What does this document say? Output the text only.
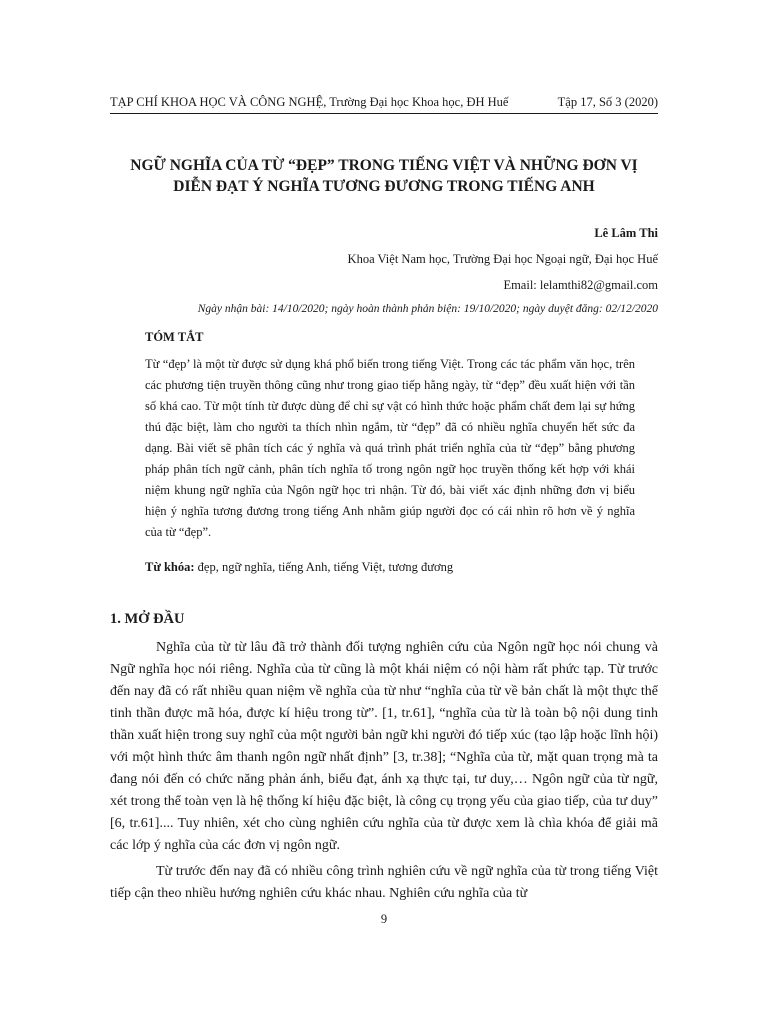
TẠP CHÍ KHOA HỌC VÀ CÔNG NGHỆ, Trường Đại học Khoa học, ĐH Huế	Tập 17, Số 3 (2020)
NGỮ NGHĨA CỦA TỪ “ĐẸP” TRONG TIẾNG VIỆT VÀ NHỮNG ĐƠN VỊ
DIỄN ĐẠT Ý NGHĨA TƯƠNG ĐƯƠNG TRONG TIẾNG ANH
Lê Lâm Thi
Khoa Việt Nam học, Trường Đại học Ngoại ngữ, Đại học Huế
Email: lelamthi82@gmail.com
Ngày nhận bài: 14/10/2020; ngày hoàn thành phản biện: 19/10/2020; ngày duyệt đăng: 02/12/2020
TÓM TẮT
Từ “đẹp’ là một từ được sử dụng khá phổ biến trong tiếng Việt. Trong các tác phẩm văn học, trên các phương tiện truyền thông cũng như trong giao tiếp hằng ngày, từ “đẹp” đều xuất hiện với tần số khá cao. Từ một tính từ được dùng để chỉ sự vật có hình thức hoặc phẩm chất đem lại sự hứng thú đặc biệt, làm cho người ta thích nhìn ngắm, từ “đẹp” đã có nhiều nghĩa chuyển hết sức đa dạng. Bài viết sẽ phân tích các ý nghĩa và quá trình phát triển nghĩa của từ “đẹp” bằng phương pháp phân tích ngữ cảnh, phân tích nghĩa tố trong ngôn ngữ học truyền thống kết hợp với khái niệm khung ngữ nghĩa của Ngôn ngữ học tri nhận. Từ đó, bài viết xác định những đơn vị biểu hiện ý nghĩa tương đương trong tiếng Anh nhằm giúp người đọc có cái nhìn rõ hơn về ý nghĩa của từ “đẹp”.
Từ khóa: đẹp, ngữ nghĩa, tiếng Anh, tiếng Việt, tương đương
1. MỞ ĐẦU
Nghĩa của từ từ lâu đã trở thành đối tượng nghiên cứu của Ngôn ngữ học nói chung và Ngữ nghĩa học nói riêng. Nghĩa của từ cũng là một khái niệm có nội hàm rất phức tạp. Từ trước đến nay đã có rất nhiều quan niệm về nghĩa của từ như “nghĩa của từ về bản chất là một thực thể tinh thần được mã hóa, được kí hiệu trong từ”. [1, tr.61], “nghĩa của từ là toàn bộ nội dung tinh thần xuất hiện trong suy nghĩ của một người bản ngữ khi người đó tiếp xúc (tạo lập hoặc lĩnh hội) với một hình thức âm thanh ngôn ngữ nhất định” [3, tr.38]; “Nghĩa của từ, mặt quan trọng mà ta đang nói đến có chức năng phản ánh, biểu đạt, ánh xạ thực tại, tư duy,… Ngôn ngữ của từ ngữ, xét trong thể toàn vẹn là hệ thống kí hiệu đặc biệt, là công cụ trọng yếu của giao tiếp, của tư duy” [6, tr.61].... Tuy nhiên, xét cho cùng nghiên cứu nghĩa của từ được xem là chìa khóa để giải mã các lớp ý nghĩa của các đơn vị ngôn ngữ.
Từ trước đến nay đã có nhiều công trình nghiên cứu về ngữ nghĩa của từ trong tiếng Việt tiếp cận theo nhiều hướng nghiên cứu khác nhau. Nghiên cứu nghĩa của từ
9
